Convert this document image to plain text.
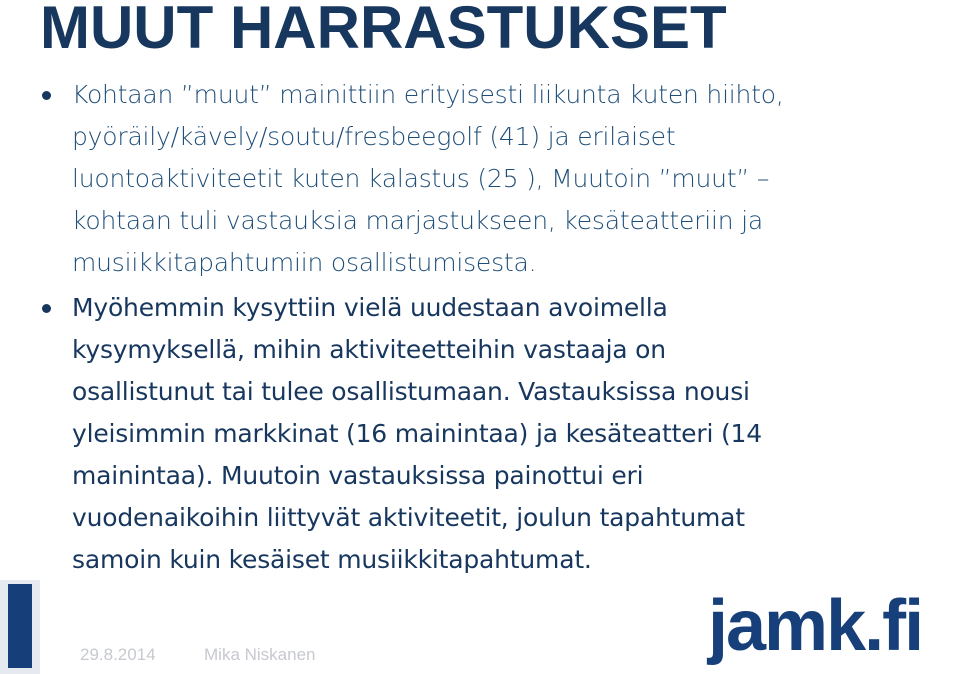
MUUT HARRASTUKSET
Kohtaan ”muut” mainittiin erityisesti liikunta kuten hiihto,
pyöräily/kävely/soutu/fresbeegolf (41) ja erilaiset
luontoaktiviteetit kuten kalastus (25 ), Muutoin ”muut” –
kohtaan tuli vastauksia marjastukseen, kesäteatteriin ja
musiikkitapahtumiin osallistumisesta.
Myöhemmin kysyttiin vielä uudestaan avoimella
kysymyksellä, mihin aktiviteetteihin vastaaja on
osallistunut tai tulee osallistumaan. Vastauksissa nousi
yleisimmin markkinat (16 mainintaa) ja kesäteatteri (14
mainintaa). Muutoin vastauksissa painottui eri
vuodenaikoihin liittyvät aktiviteetit, joulun tapahtumat
samoin kuin kesäiset musiikkitapahtumat.
29.8.2014	Mika Niskanen	jamk.fi
